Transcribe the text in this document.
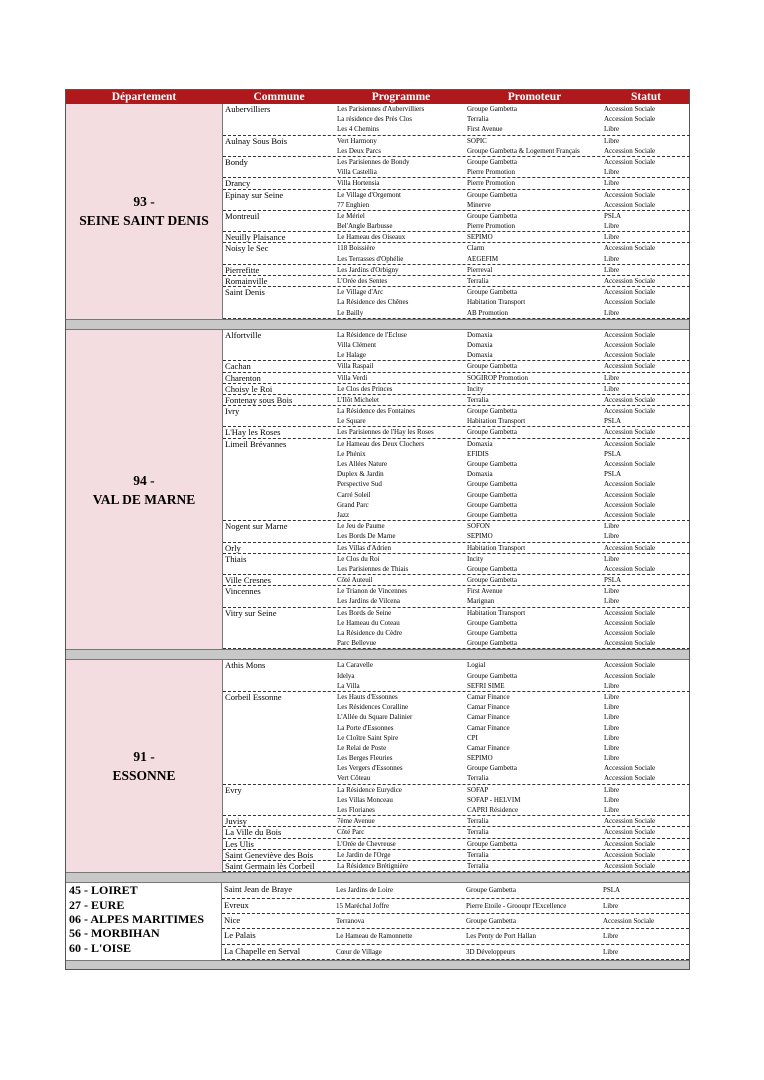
Département	Commune	Programme	Promoteur	Statut
93 -
SEINE SAINT DENIS
Aubervilliers	Les Parisiennes d'Aubervilliers	Groupe Gambetta	Accession Sociale
La résidence des Près Clos	Terralia	Accession Sociale
Les 4 Chemins	First Avenue	Libre
Aulnay Sous Bois	Vert Harmony	SOPIC	Libre
Les Deux Parcs	Groupe Gambetta & Logement Français	Accession Sociale
Bondy	Les Parisiennes de Bondy	Groupe Gambetta	Accession Sociale
Villa Castellia	Pierre Promotion	Libre
Drancy	Villa Hortensia	Pierre Promotion	Libre
Epinay sur Seine	Le Village d'Orgemont	Groupe Gambetta	Accession Sociale
77 Enghien	Minerve	Accession Sociale
Montreuil	Le Mériel	Groupe Gambetta	PSLA
Bel'Angle Barbusse	Pierre Promotion	Libre
Neuilly Plaisance	Le Hameau des Oiseaux	SEPIMO	Libre
Noisy le Sec	118 Boissière	Clarm	Accession Sociale
Les Terrasses d'Ophélie	AEGEFIM	Libre
Pierrefitte	Les Jardins d'Orbigny	Pierreval	Libre
Romainville	L'Orée des Sentes	Terralia	Accession Sociale
Saint Denis	Le Village d'Arc	Groupe Gambetta	Accession Sociale
La Résidence des Chênes	Habitation Transport	Accession Sociale
Le Bailly	AB Promotion	Libre
94 -
VAL DE MARNE
Alfortville	La Résidence de l'Ecluse	Domaxia	Accession Sociale
Villa Clément	Domaxia	Accession Sociale
Le Halage	Domaxia	Accession Sociale
Cachan	Villa Raspail	Groupe Gambetta	Accession Sociale
Charenton	Villa Verdi	SOGIROP Promotion	Libre
Choisy le Roi	Le Clos des Princes	Incity	Libre
Fontenay sous Bois	L'Ilôt Michelet	Terralia	Accession Sociale
Ivry	La Résidence des Fontaines	Groupe Gambetta	Accession Sociale
Le Square	Habitation Transport	PSLA
L'Hay les Roses	Les Parisiennes de l'Hay les Roses	Groupe Gambetta	Accession Sociale
Limeil Brévannes	Le Hameau des Deux Clochers	Domaxia	Accession Sociale
Le Phénix	EFIDIS	PSLA
Les Allées Nature	Groupe Gambetta	Accession Sociale
Duplex & Jardin	Domaxia	PSLA
Perspective Sud	Groupe Gambetta	Accession Sociale
Carré Soleil	Groupe Gambetta	Accession Sociale
Grand Parc	Groupe Gambetta	Accession Sociale
Jazz	Groupe Gambetta	Accession Sociale
Nogent sur Marne	Le Jeu de Paume	SOFON	Libre
Les Bords De Marne	SEPIMO	Libre
Orly	Les Villas d'Adrien	Habitation Transport	Accession Sociale
Thiais	Le Clos du Roi	Incity	Libre
Les Parisiennes de Thiais	Groupe Gambetta	Accession Sociale
Ville Cresnes	Côté Auteuil	Groupe Gambetta	PSLA
Vincennes	Le Trianon de Vincennes	First Avenue	Libre
Les Jardins de Vilcena	Marignan	Libre
Vitry sur Seine	Les Bords de Seine	Habitation Transport	Accession Sociale
Le Hameau du Coteau	Groupe Gambetta	Accession Sociale
La Résidence du Cèdre	Groupe Gambetta	Accession Sociale
Parc Bellevue	Groupe Gambetta	Accession Sociale
91 -
ESSONNE
Athis Mons	La Caravelle	Logial	Accession Sociale
Idelya	Groupe Gambetta	Accession Sociale
La Villa	SEFRI SIME	Libre
Corbeil Essonne	Les Hauts d'Essonnes	Camar Finance	Libre
Les Résidences Coralline	Camar Finance	Libre
L'Allée du Square Dalinier	Camar Finance	Libre
La Porte d'Essonnes	Camar Finance	Libre
Le Cloître Saint Spire	CPI	Libre
Le Relai de Poste	Camar Finance	Libre
Les Berges Fleuries	SEPIMO	Libre
Les Vergers d'Essonnes	Groupe Gambetta	Accession Sociale
Vert Côteau	Terralia	Accession Sociale
Evry	La Résidence Eurydice	SOFAP	Libre
Les Villas Monceau	SOFAP - HELVIM	Libre
Les Florianes	CAPRI Résidence	Libre
Juvisy	7ème Avenue	Terralia	Accession Sociale
La Ville du Bois	Côté Parc	Terralia	Accession Sociale
Les Ulis	L'Orée de Chevreuse	Groupe Gambetta	Accession Sociale
Saint Geneviève des Bois	Le Jardin de l'Orge	Terralia	Accession Sociale
Saint Germain lès Corbeil	La Résidence Brétignière	Terralia	Accession Sociale
45 - LOIRET
27 - EURE
06 - ALPES MARITIMES
56 - MORBIHAN
60 - L'OISE
Saint Jean de Braye	Les Jardins de Loire	Groupe Gambetta	PSLA
Evreux	15 Maréchal Joffre	Pierre Etoile - Grooupr l'Excellence	Libre
Nice	Terranova	Groupe Gambetta	Accession Sociale
Le Palais	Le Hameau de Ramonnette	Les Penty de Port Hallan	Libre
La Chapelle en Serval	Cœur de Village	3D Développeurs	Libre
